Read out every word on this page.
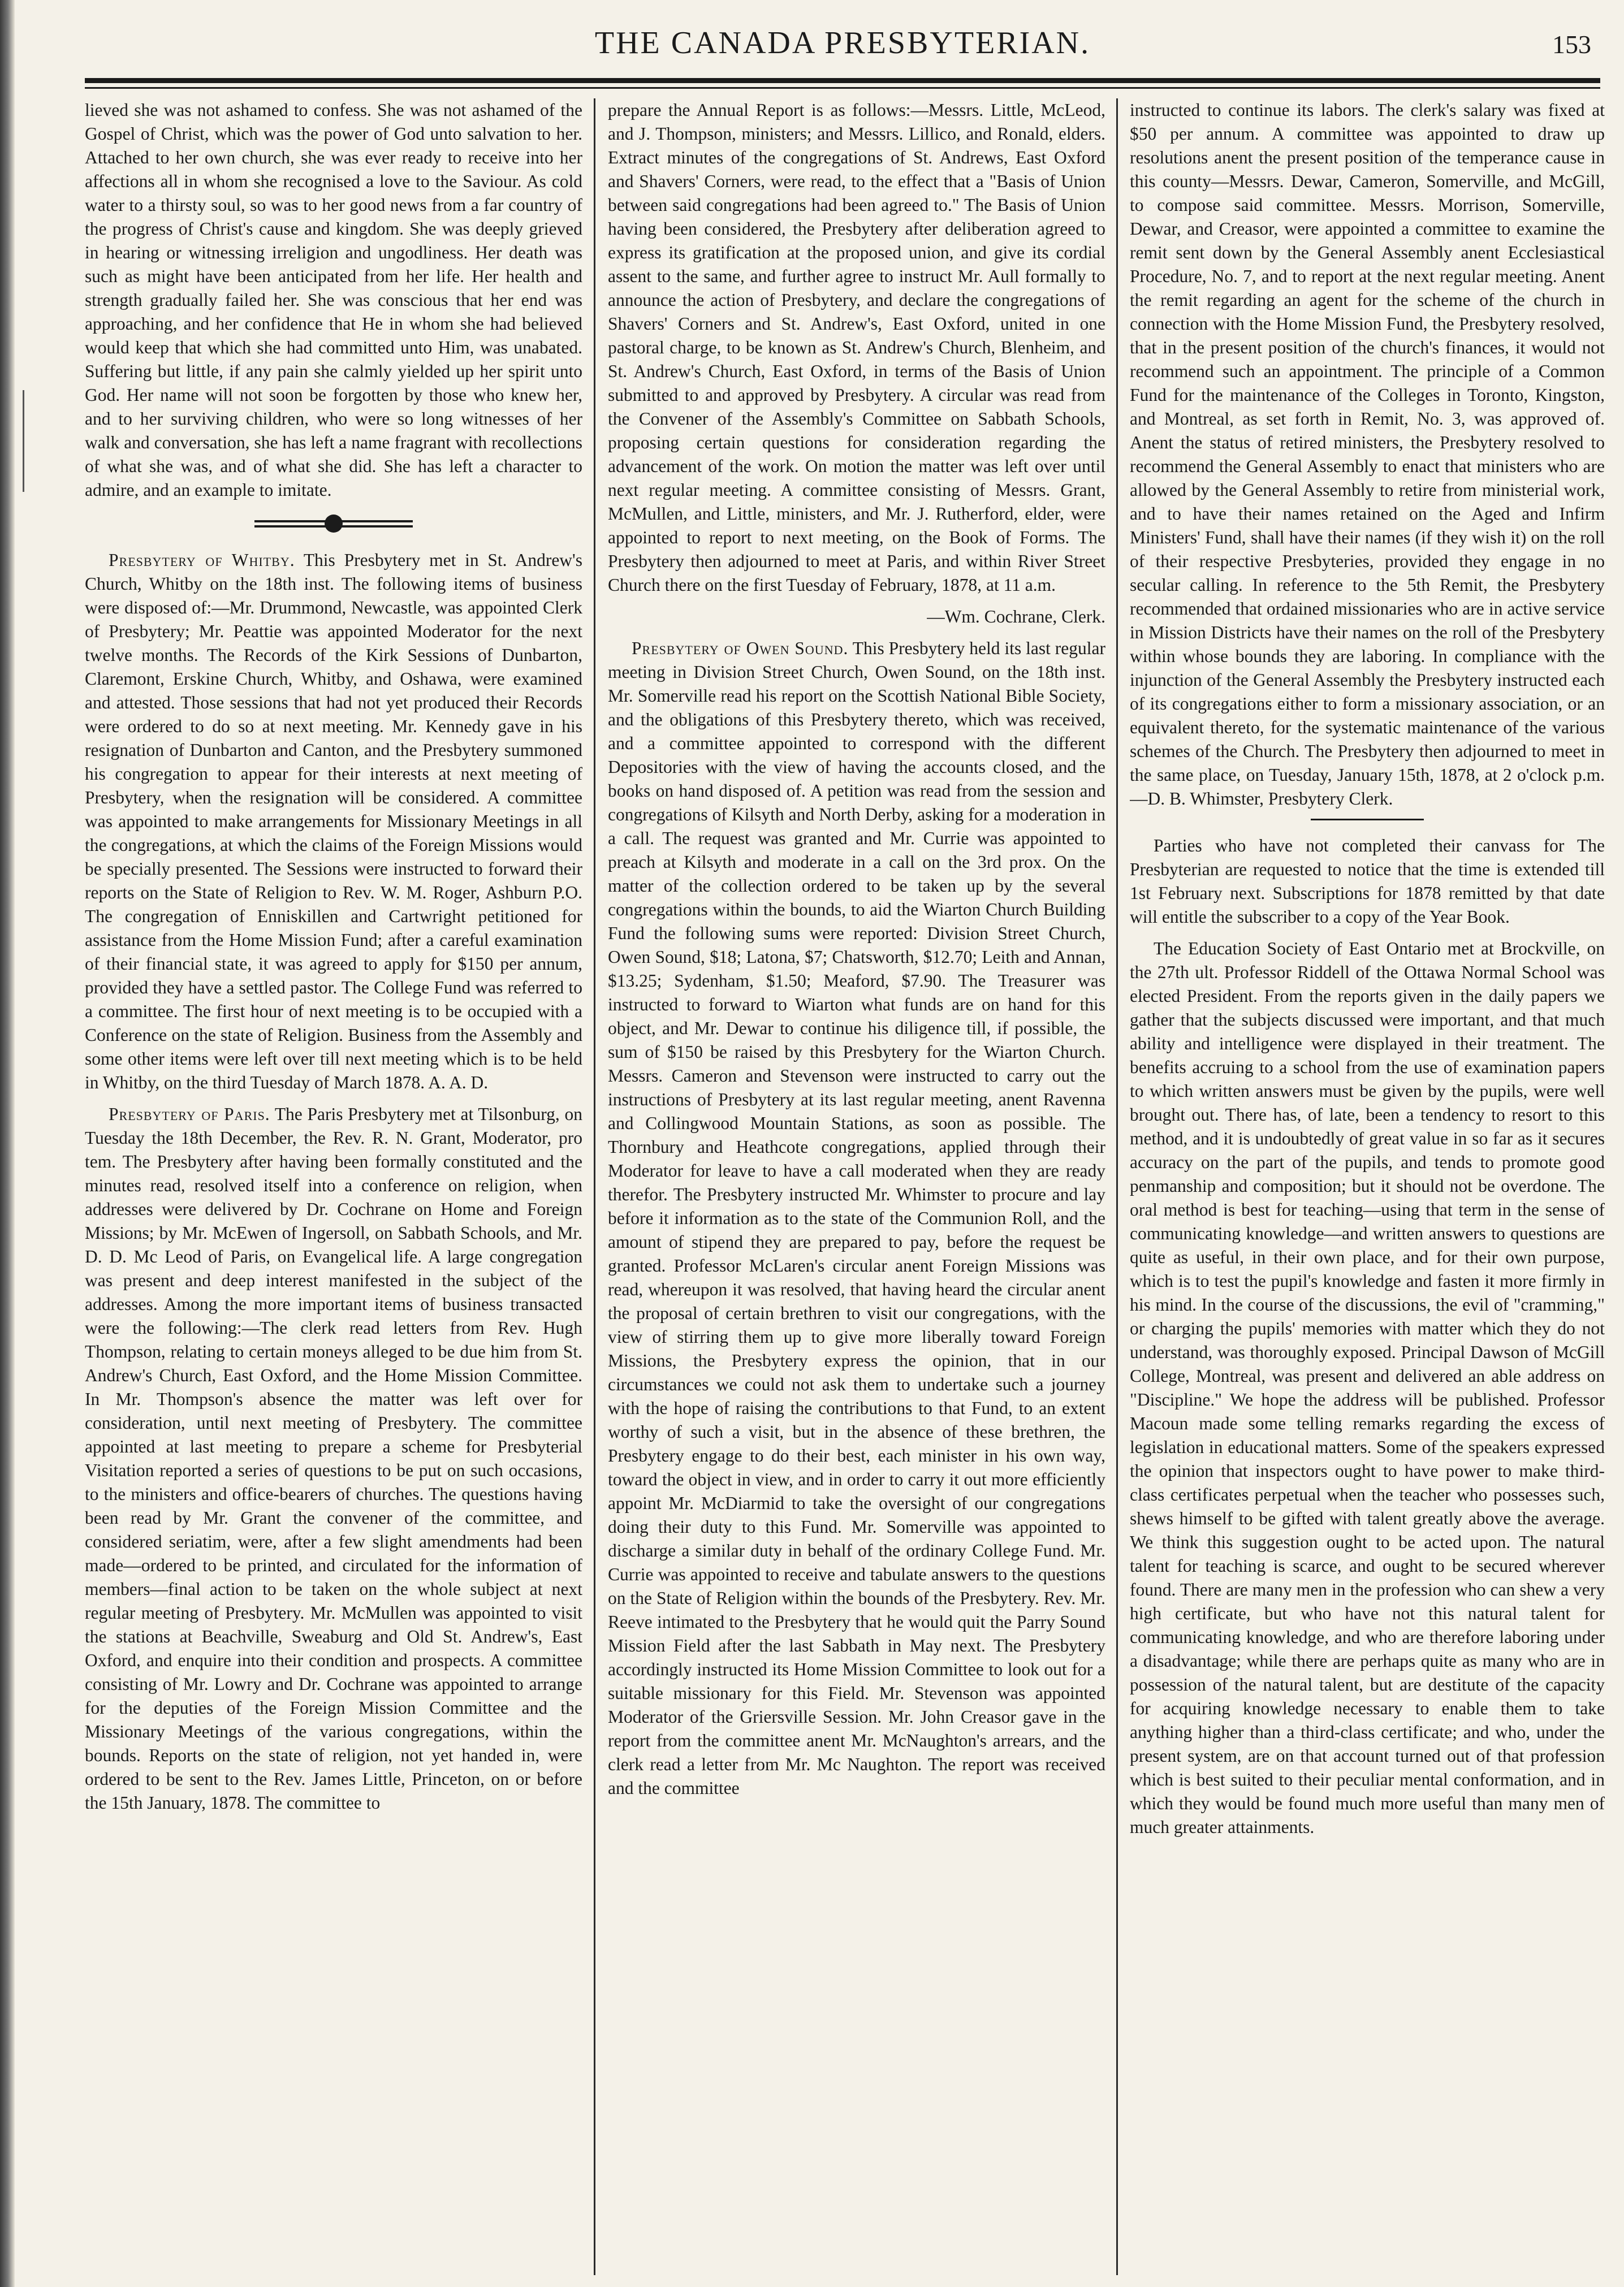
THE CANADA PRESBYTERIAN.	153

lieved she was not ashamed to confess. She was not ashamed of the Gospel of Christ, which was the power of God unto salvation to her. Attached to her own church, she was ever ready to receive into her affections all in whom she recognised a love to the Saviour. As cold water to a thirsty soul, so was to her good news from a far country of the progress of Christ's cause and kingdom. She was deeply grieved in hearing or witnessing irreligion and ungodliness. Her death was such as might have been anticipated from her life. Her health and strength gradually failed her. She was conscious that her end was approaching, and her confidence that He in whom she had believed would keep that which she had committed unto Him, was unabated. Suffering but little, if any pain she calmly yielded up her spirit unto God. Her name will not soon be forgotten by those who knew her, and to her surviving children, who were so long witnesses of her walk and conversation, she has left a name fragrant with recollections of what she was, and of what she did. She has left a character to admire, and an example to imitate.

Presbytery of Whitby. This Presbytery met in St. Andrew's Church, Whitby on the 18th inst. The following items of business were disposed of:—Mr. Drummond, Newcastle, was appointed Clerk of Presbytery; Mr. Peattie was appointed Moderator for the next twelve months. The Records of the Kirk Sessions of Dunbarton, Claremont, Erskine Church, Whitby, and Oshawa, were examined and attested. Those sessions that had not yet produced their Records were ordered to do so at next meeting. Mr. Kennedy gave in his resignation of Dunbarton and Canton, and the Presbytery summoned his congregation to appear for their interests at next meeting of Presbytery, when the resignation will be considered. A committee was appointed to make arrangements for Missionary Meetings in all the congregations, at which the claims of the Foreign Missions would be specially presented. The Sessions were instructed to forward their reports on the State of Religion to Rev. W. M. Roger, Ashburn P.O. The congregation of Enniskillen and Cartwright petitioned for assistance from the Home Mission Fund; after a careful examination of their financial state, it was agreed to apply for $150 per annum, provided they have a settled pastor. The College Fund was referred to a committee. The first hour of next meeting is to be occupied with a Conference on the state of Religion. Business from the Assembly and some other items were left over till next meeting which is to be held in Whitby, on the third Tuesday of March 1878. A. A. D.

Presbytery of Paris. The Paris Presbytery met at Tilsonburg, on Tuesday the 18th December, the Rev. R. N. Grant, Moderator, pro tem. The Presbytery after having been formally constituted and the minutes read, resolved itself into a conference on religion, when addresses were delivered by Dr. Cochrane on Home and Foreign Missions; by Mr. McEwen of Ingersoll, on Sabbath Schools, and Mr. D. D. Mc Leod of Paris, on Evangelical life. A large congregation was present and deep interest manifested in the subject of the addresses. Among the more important items of business transacted were the following:—The clerk read letters from Rev. Hugh Thompson, relating to certain moneys alleged to be due him from St. Andrew's Church, East Oxford, and the Home Mission Committee. In Mr. Thompson's absence the matter was left over for consideration, until next meeting of Presbytery. The committee appointed at last meeting to prepare a scheme for Presbyterial Visitation reported a series of questions to be put on such occasions, to the ministers and office-bearers of churches. The questions having been read by Mr. Grant the convener of the committee, and considered seriatim, were, after a few slight amendments had been made—ordered to be printed, and circulated for the information of members—final action to be taken on the whole subject at next regular meeting of Presbytery. Mr. McMullen was appointed to visit the stations at Beachville, Sweaburg and Old St. Andrew's, East Oxford, and enquire into their condition and prospects. A committee consisting of Mr. Lowry and Dr. Cochrane was appointed to arrange for the deputies of the Foreign Mission Committee and the Missionary Meetings of the various congregations, within the bounds. Reports on the state of religion, not yet handed in, were ordered to be sent to the Rev. James Little, Princeton, on or before the 15th January, 1878. The committee to

prepare the Annual Report is as follows:—Messrs. Little, McLeod, and J. Thompson, ministers; and Messrs. Lillico, and Ronald, elders. Extract minutes of the congregations of St. Andrews, East Oxford and Shavers' Corners, were read, to the effect that a "Basis of Union between said congregations had been agreed to." The Basis of Union having been considered, the Presbytery after deliberation agreed to express its gratification at the proposed union, and give its cordial assent to the same, and further agree to instruct Mr. Aull formally to announce the action of Presbytery, and declare the congregations of Shavers' Corners and St. Andrew's, East Oxford, united in one pastoral charge, to be known as St. Andrew's Church, Blenheim, and St. Andrew's Church, East Oxford, in terms of the Basis of Union submitted to and approved by Presbytery. A circular was read from the Convener of the Assembly's Committee on Sabbath Schools, proposing certain questions for consideration regarding the advancement of the work. On motion the matter was left over until next regular meeting. A committee consisting of Messrs. Grant, McMullen, and Little, ministers, and Mr. J. Rutherford, elder, were appointed to report to next meeting, on the Book of Forms. The Presbytery then adjourned to meet at Paris, and within River Street Church there on the first Tuesday of February, 1878, at 11 a.m.

—Wm. Cochrane, Clerk.

Presbytery of Owen Sound. This Presbytery held its last regular meeting in Division Street Church, Owen Sound, on the 18th inst. Mr. Somerville read his report on the Scottish National Bible Society, and the obligations of this Presbytery thereto, which was received, and a committee appointed to correspond with the different Depositories with the view of having the accounts closed, and the books on hand disposed of. A petition was read from the session and congregations of Kilsyth and North Derby, asking for a moderation in a call. The request was granted and Mr. Currie was appointed to preach at Kilsyth and moderate in a call on the 3rd prox. On the matter of the collection ordered to be taken up by the several congregations within the bounds, to aid the Wiarton Church Building Fund the following sums were reported: Division Street Church, Owen Sound, $18; Latona, $7; Chatsworth, $12.70; Leith and Annan, $13.25; Sydenham, $1.50; Meaford, $7.90. The Treasurer was instructed to forward to Wiarton what funds are on hand for this object, and Mr. Dewar to continue his diligence till, if possible, the sum of $150 be raised by this Presbytery for the Wiarton Church. Messrs. Cameron and Stevenson were instructed to carry out the instructions of Presbytery at its last regular meeting, anent Ravenna and Collingwood Mountain Stations, as soon as possible. The Thornbury and Heathcote congregations, applied through their Moderator for leave to have a call moderated when they are ready therefor. The Presbytery instructed Mr. Whimster to procure and lay before it information as to the state of the Communion Roll, and the amount of stipend they are prepared to pay, before the request be granted. Professor McLaren's circular anent Foreign Missions was read, whereupon it was resolved, that having heard the circular anent the proposal of certain brethren to visit our congregations, with the view of stirring them up to give more liberally toward Foreign Missions, the Presbytery express the opinion, that in our circumstances we could not ask them to undertake such a journey with the hope of raising the contributions to that Fund, to an extent worthy of such a visit, but in the absence of these brethren, the Presbytery engage to do their best, each minister in his own way, toward the object in view, and in order to carry it out more efficiently appoint Mr. McDiarmid to take the oversight of our congregations doing their duty to this Fund. Mr. Somerville was appointed to discharge a similar duty in behalf of the ordinary College Fund. Mr. Currie was appointed to receive and tabulate answers to the questions on the State of Religion within the bounds of the Presbytery. Rev. Mr. Reeve intimated to the Presbytery that he would quit the Parry Sound Mission Field after the last Sabbath in May next. The Presbytery accordingly instructed its Home Mission Committee to look out for a suitable missionary for this Field. Mr. Stevenson was appointed Moderator of the Griersville Session. Mr. John Creasor gave in the report from the committee anent Mr. McNaughton's arrears, and the clerk read a letter from Mr. Mc Naughton. The report was received and the committee

instructed to continue its labors. The clerk's salary was fixed at $50 per annum. A committee was appointed to draw up resolutions anent the present position of the temperance cause in this county—Messrs. Dewar, Cameron, Somerville, and McGill, to compose said committee. Messrs. Morrison, Somerville, Dewar, and Creasor, were appointed a committee to examine the remit sent down by the General Assembly anent Ecclesiastical Procedure, No. 7, and to report at the next regular meeting. Anent the remit regarding an agent for the scheme of the church in connection with the Home Mission Fund, the Presbytery resolved, that in the present position of the church's finances, it would not recommend such an appointment. The principle of a Common Fund for the maintenance of the Colleges in Toronto, Kingston, and Montreal, as set forth in Remit, No. 3, was approved of. Anent the status of retired ministers, the Presbytery resolved to recommend the General Assembly to enact that ministers who are allowed by the General Assembly to retire from ministerial work, and to have their names retained on the Aged and Infirm Ministers' Fund, shall have their names (if they wish it) on the roll of their respective Presbyteries, provided they engage in no secular calling. In reference to the 5th Remit, the Presbytery recommended that ordained missionaries who are in active service in Mission Districts have their names on the roll of the Presbytery within whose bounds they are laboring. In compliance with the injunction of the General Assembly the Presbytery instructed each of its congregations either to form a missionary association, or an equivalent thereto, for the systematic maintenance of the various schemes of the Church. The Presbytery then adjourned to meet in the same place, on Tuesday, January 15th, 1878, at 2 o'clock p.m.—D. B. Whimster, Presbytery Clerk.

Parties who have not completed their canvass for The Presbyterian are requested to notice that the time is extended till 1st February next. Subscriptions for 1878 remitted by that date will entitle the subscriber to a copy of the Year Book.

The Education Society of East Ontario met at Brockville, on the 27th ult. Professor Riddell of the Ottawa Normal School was elected President. From the reports given in the daily papers we gather that the subjects discussed were important, and that much ability and intelligence were displayed in their treatment. The benefits accruing to a school from the use of examination papers to which written answers must be given by the pupils, were well brought out. There has, of late, been a tendency to resort to this method, and it is undoubtedly of great value in so far as it secures accuracy on the part of the pupils, and tends to promote good penmanship and composition; but it should not be overdone. The oral method is best for teaching—using that term in the sense of communicating knowledge—and written answers to questions are quite as useful, in their own place, and for their own purpose, which is to test the pupil's knowledge and fasten it more firmly in his mind. In the course of the discussions, the evil of "cramming," or charging the pupils' memories with matter which they do not understand, was thoroughly exposed. Principal Dawson of McGill College, Montreal, was present and delivered an able address on "Discipline." We hope the address will be published. Professor Macoun made some telling remarks regarding the excess of legislation in educational matters. Some of the speakers expressed the opinion that inspectors ought to have power to make third-class certificates perpetual when the teacher who possesses such, shews himself to be gifted with talent greatly above the average. We think this suggestion ought to be acted upon. The natural talent for teaching is scarce, and ought to be secured wherever found. There are many men in the profession who can shew a very high certificate, but who have not this natural talent for communicating knowledge, and who are therefore laboring under a disadvantage; while there are perhaps quite as many who are in possession of the natural talent, but are destitute of the capacity for acquiring knowledge necessary to enable them to take anything higher than a third-class certificate; and who, under the present system, are on that account turned out of that profession which is best suited to their peculiar mental conformation, and in which they would be found much more useful than many men of much greater attainments.
